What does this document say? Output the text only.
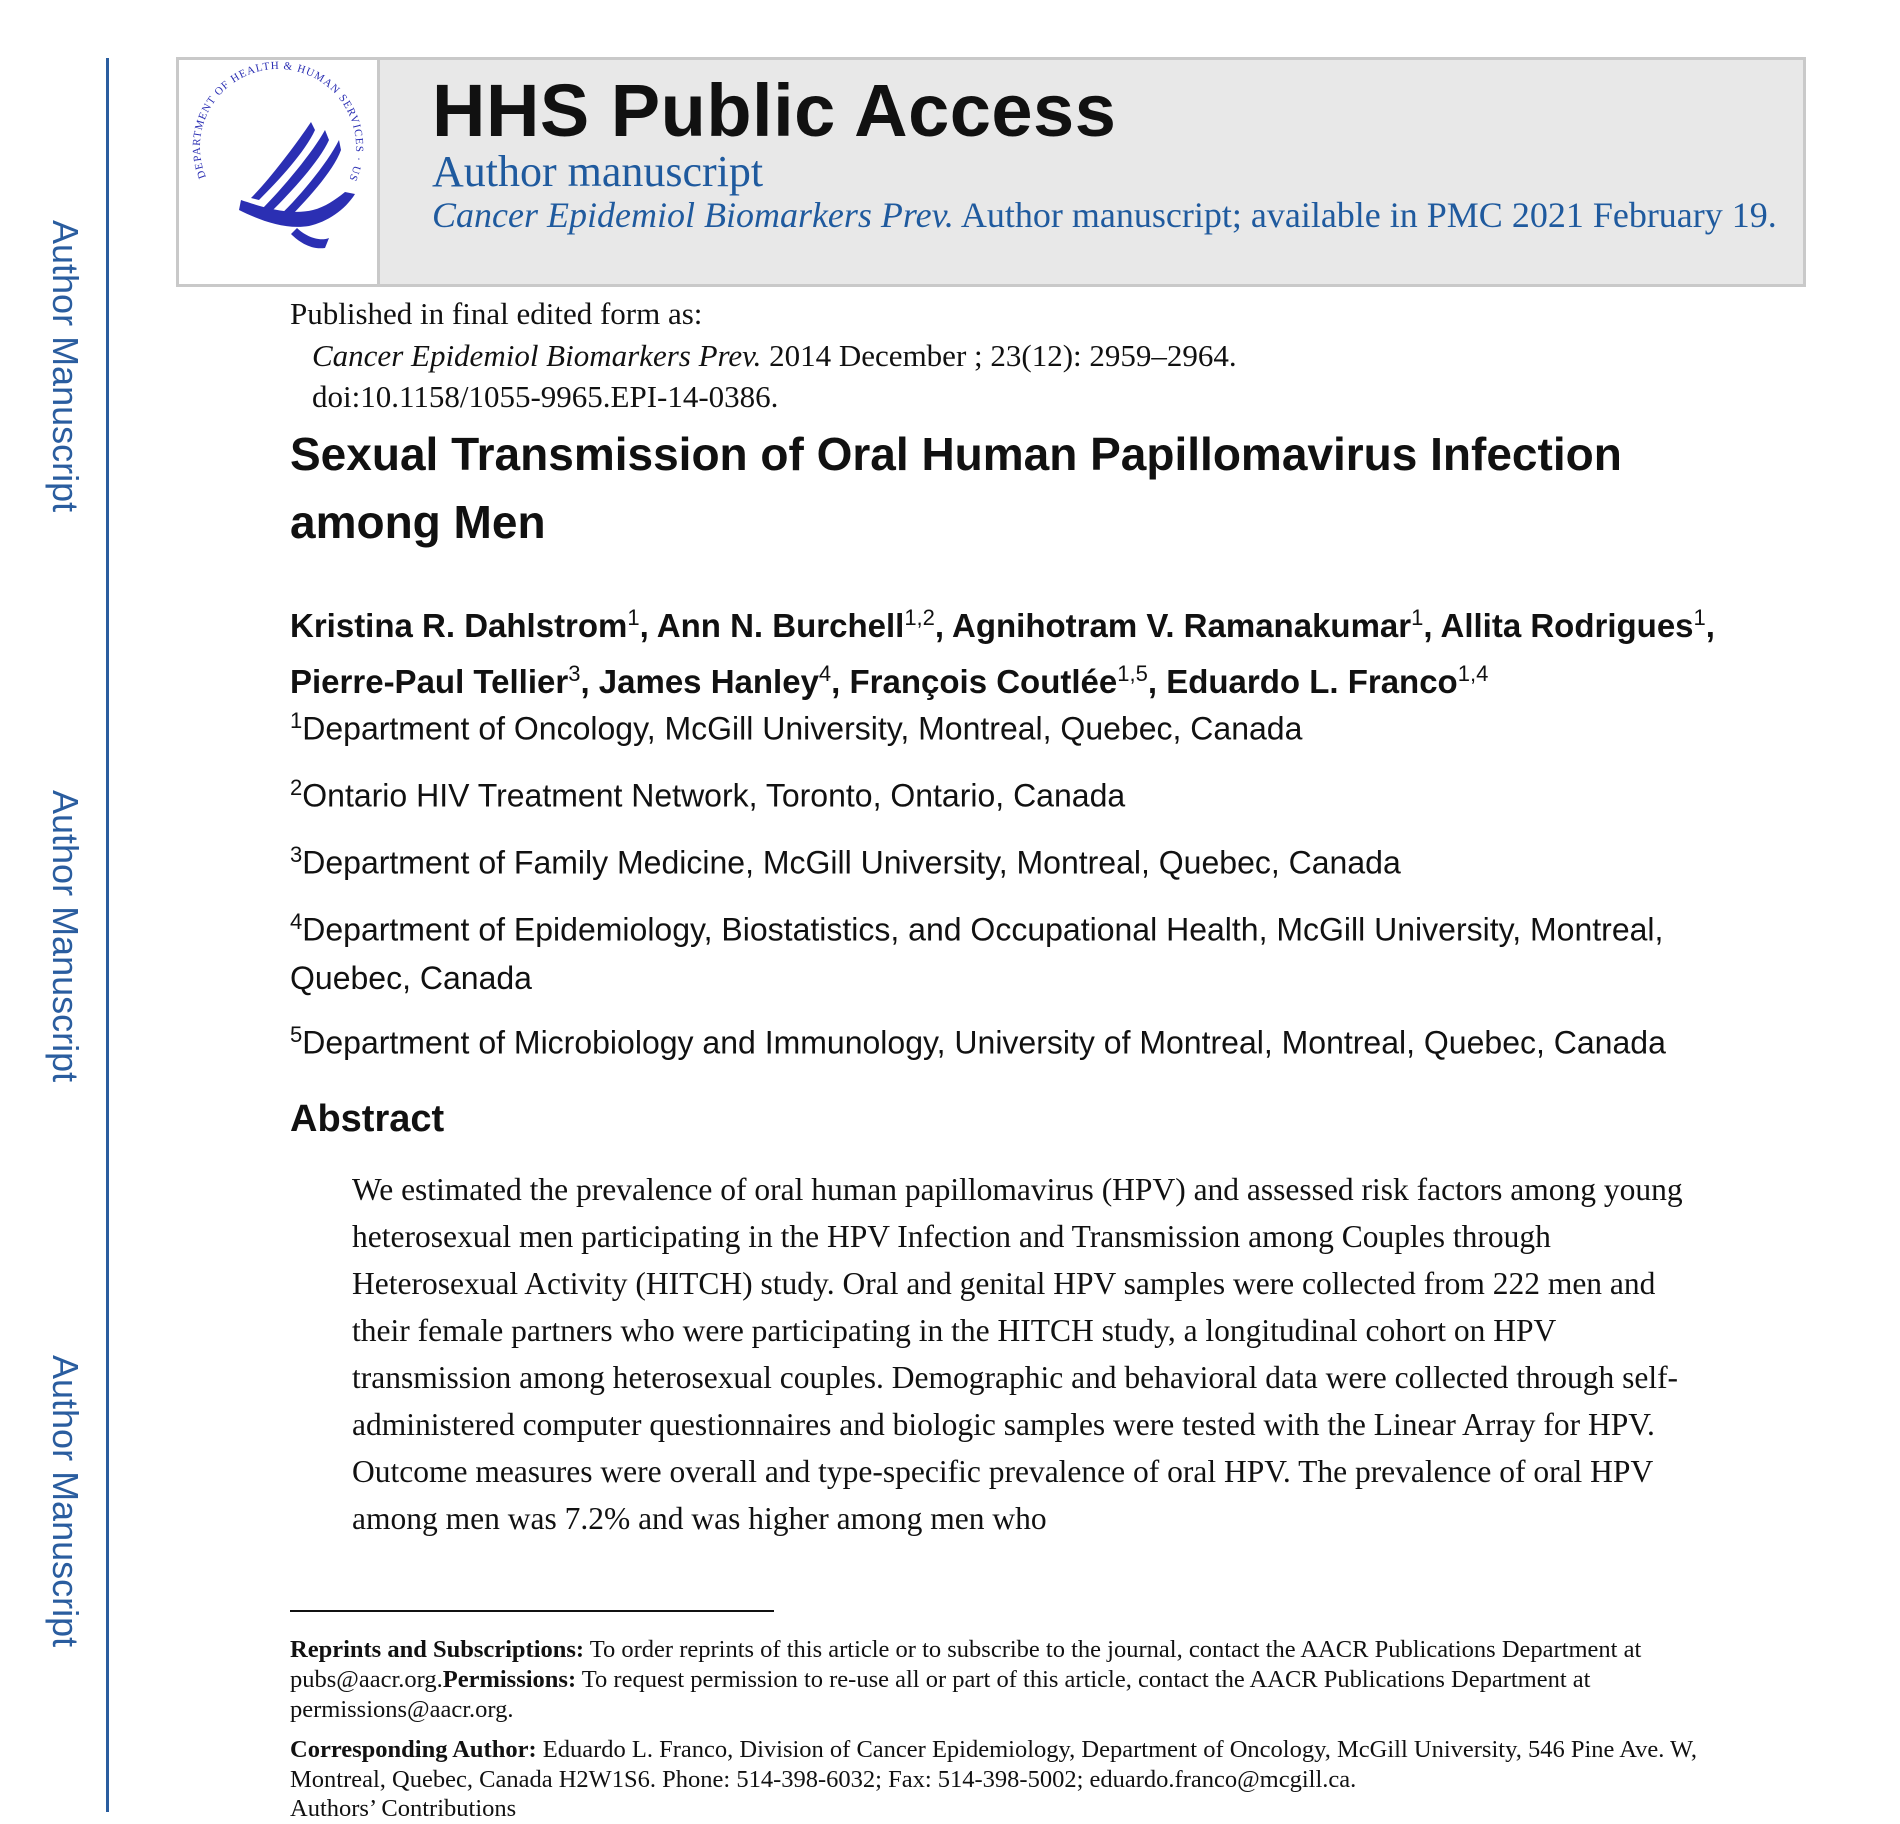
Author Manuscript
Author Manuscript
Author Manuscript
DEPARTMENT OF HEALTH & HUMAN SERVICES · US
HHS Public Access
Author manuscript
Cancer Epidemiol Biomarkers Prev. Author manuscript; available in PMC 2021 February 19.
Published in final edited form as:
Cancer Epidemiol Biomarkers Prev. 2014 December ; 23(12): 2959–2964.
doi:10.1158/1055-9965.EPI-14-0386.
Sexual Transmission of Oral Human Papillomavirus Infection among Men
Kristina R. Dahlstrom$^1$, Ann N. Burchell$^{1,2}$, Agnihotram V. Ramanakumar$^1$, Allita Rodrigues$^1$, Pierre-Paul Tellier$^3$, James Hanley$^4$, François Coutlée$^{1,5}$, Eduardo L. Franco$^{1,4}$
$^1$Department of Oncology, McGill University, Montreal, Quebec, Canada
$^2$Ontario HIV Treatment Network, Toronto, Ontario, Canada
$^3$Department of Family Medicine, McGill University, Montreal, Quebec, Canada
$^4$Department of Epidemiology, Biostatistics, and Occupational Health, McGill University, Montreal, Quebec, Canada
$^5$Department of Microbiology and Immunology, University of Montreal, Montreal, Quebec, Canada
Abstract
We estimated the prevalence of oral human papillomavirus (HPV) and assessed risk factors among young heterosexual men participating in the HPV Infection and Transmission among Couples through Heterosexual Activity (HITCH) study. Oral and genital HPV samples were collected from 222 men and their female partners who were participating in the HITCH study, a longitudinal cohort on HPV transmission among heterosexual couples. Demographic and behavioral data were collected through self-administered computer questionnaires and biologic samples were tested with the Linear Array for HPV. Outcome measures were overall and type-specific prevalence of oral HPV. The prevalence of oral HPV among men was 7.2% and was higher among men who
Reprints and Subscriptions: To order reprints of this article or to subscribe to the journal, contact the AACR Publications Department at pubs@aacr.org.Permissions: To request permission to re-use all or part of this article, contact the AACR Publications Department at permissions@aacr.org.
Corresponding Author: Eduardo L. Franco, Division of Cancer Epidemiology, Department of Oncology, McGill University, 546 Pine Ave. W, Montreal, Quebec, Canada H2W1S6. Phone: 514-398-6032; Fax: 514-398-5002; eduardo.franco@mcgill.ca.
Authors’ Contributions
